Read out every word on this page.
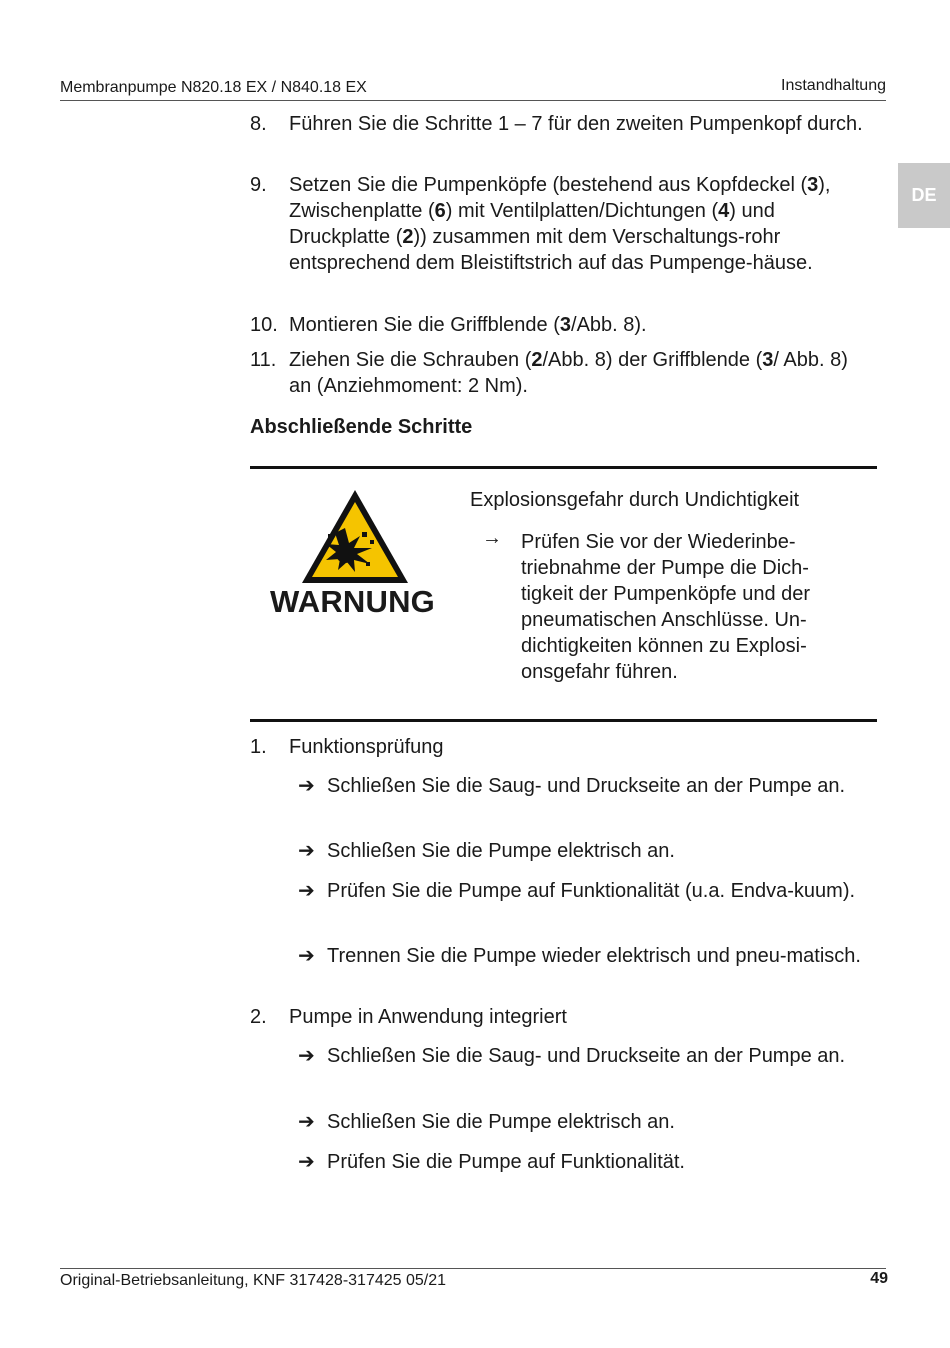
Membranpumpe N820.18 EX / N840.18 EX	Instandhaltung
DE
8. Führen Sie die Schritte 1 – 7 für den zweiten Pumpenkopf durch.
9. Setzen Sie die Pumpenköpfe (bestehend aus Kopfdeckel (3), Zwischenplatte (6) mit Ventilplatten/Dichtungen (4) und Druckplatte (2)) zusammen mit dem Verschaltungs-rohr entsprechend dem Bleistiftstrich auf das Pumpenge-häuse.
10. Montieren Sie die Griffblende (3/Abb. 8).
11. Ziehen Sie die Schrauben (2/Abb. 8) der Griffblende (3/ Abb. 8) an (Anziehmoment: 2 Nm).
Abschließende Schritte
WARNUNG
Explosionsgefahr durch Undichtigkeit
→ Prüfen Sie vor der Wiederinbe-triebnahme der Pumpe die Dich-tigkeit der Pumpenköpfe und der pneumatischen Anschlüsse. Un-dichtigkeiten können zu Explosi-onsgefahr führen.
1. Funktionsprüfung
➔ Schließen Sie die Saug- und Druckseite an der Pumpe an.
➔ Schließen Sie die Pumpe elektrisch an.
➔ Prüfen Sie die Pumpe auf Funktionalität (u.a. Endva-kuum).
➔ Trennen Sie die Pumpe wieder elektrisch und pneu-matisch.
2. Pumpe in Anwendung integriert
➔ Schließen Sie die Saug- und Druckseite an der Pumpe an.
➔ Schließen Sie die Pumpe elektrisch an.
➔ Prüfen Sie die Pumpe auf Funktionalität.
Original-Betriebsanleitung, KNF 317428-317425 05/21	49
